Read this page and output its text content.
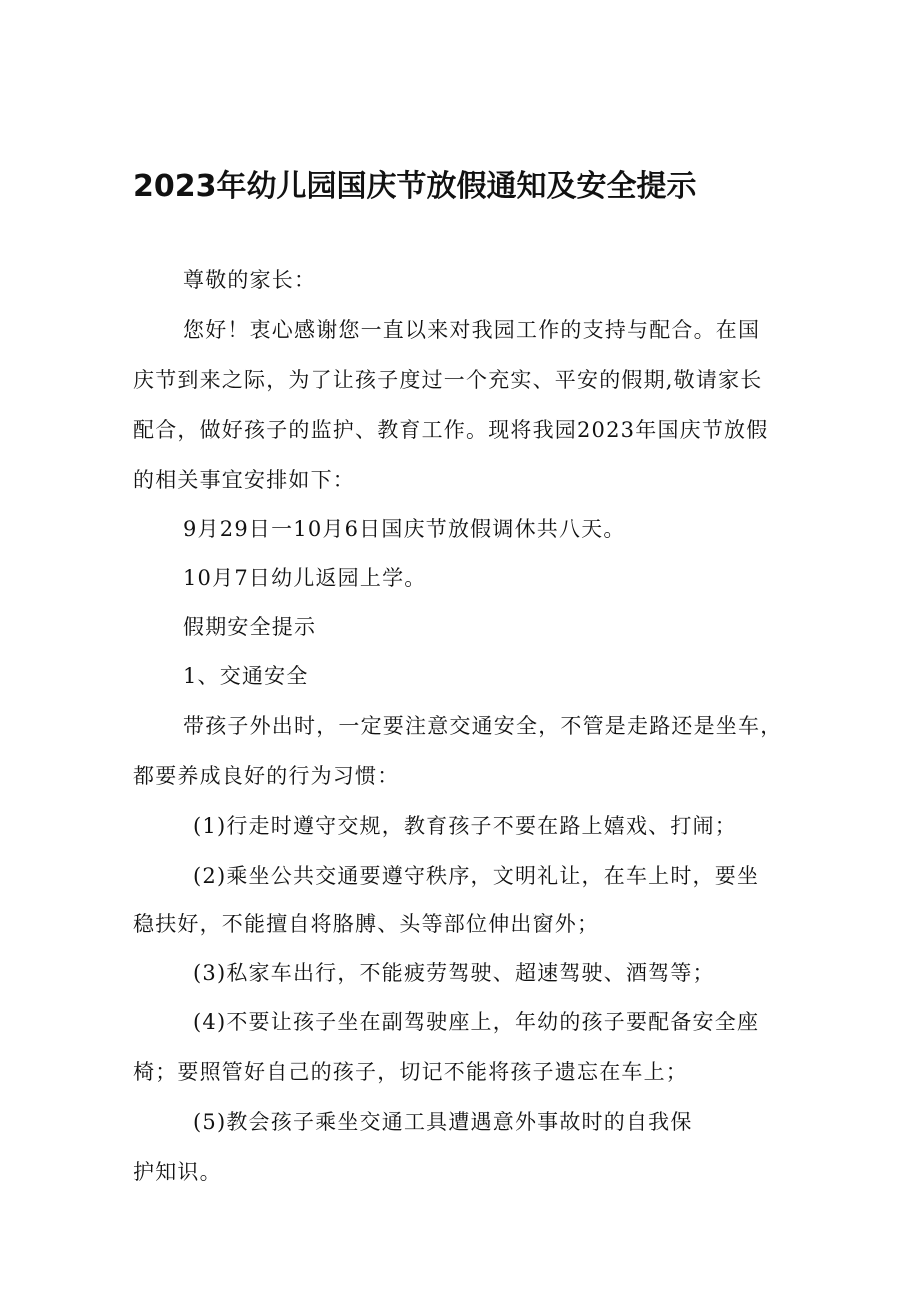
2023年幼儿园国庆节放假通知及安全提示

尊敬的家长：

您好！衷心感谢您一直以来对我园工作的支持与配合。在国

庆节到来之际，为了让孩子度过一个充实、平安的假期,敬请家长

配合，做好孩子的监护、教育工作。现将我园2023年国庆节放假

的相关事宜安排如下：

9月29日一10月6日国庆节放假调休共八天。

10月7日幼儿返园上学。

假期安全提示

1、交通安全

带孩子外出时，一定要注意交通安全，不管是走路还是坐车，

都要养成良好的行为习惯：

(1)行走时遵守交规，教育孩子不要在路上嬉戏、打闹；

(2)乘坐公共交通要遵守秩序，文明礼让，在车上时，要坐

稳扶好，不能擅自将胳膊、头等部位伸出窗外；

(3)私家车出行，不能疲劳驾驶、超速驾驶、酒驾等；

(4)不要让孩子坐在副驾驶座上，年幼的孩子要配备安全座

椅；要照管好自己的孩子，切记不能将孩子遗忘在车上；

(5)教会孩子乘坐交通工具遭遇意外事故时的自我保

护知识。
